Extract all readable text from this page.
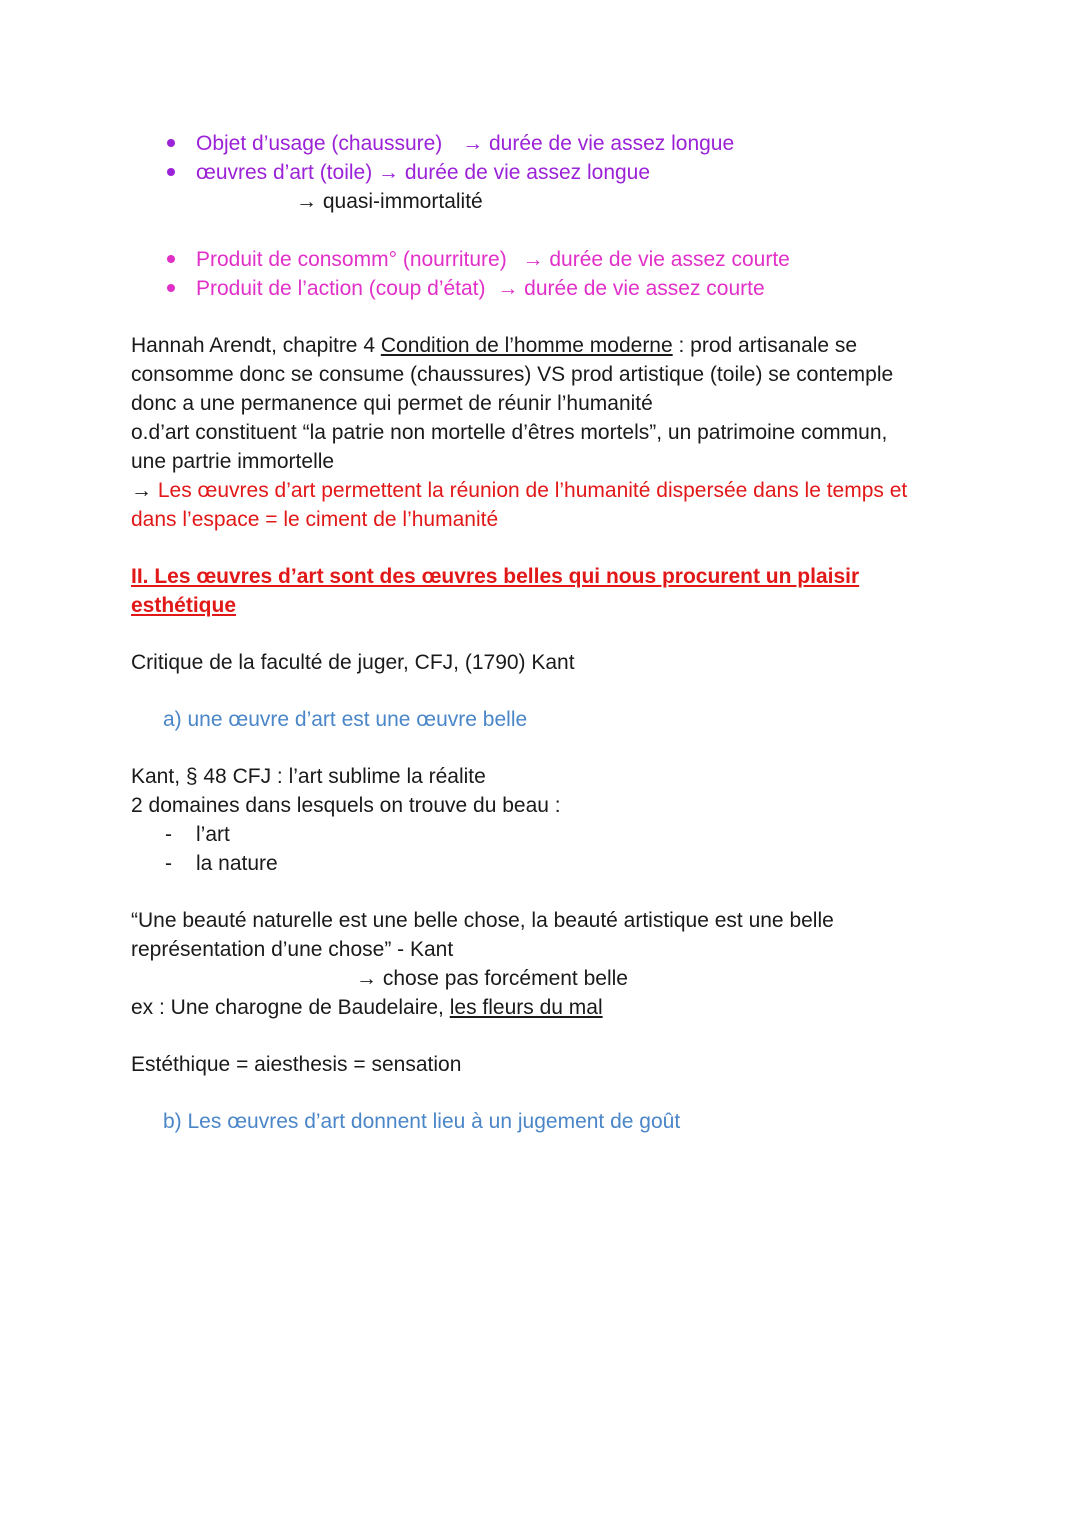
Objet d’usage (chaussure) → durée de vie assez longue
œuvres d’art (toile) → durée de vie assez longue
→ quasi-immortalité
Produit de consomm° (nourriture) → durée de vie assez courte
Produit de l’action (coup d’état) → durée de vie assez courte
Hannah Arendt, chapitre 4 Condition de l’homme moderne : prod artisanale se
consomme donc se consume (chaussures) VS prod artistique (toile) se contemple
donc a une permanence qui permet de réunir l’humanité
o.d’art constituent “la patrie non mortelle d’êtres mortels”, un patrimoine commun,
une partrie immortelle
→ Les œuvres d’art permettent la réunion de l’humanité dispersée dans le temps et
dans l’espace = le ciment de l’humanité
II. Les œuvres d’art sont des œuvres belles qui nous procurent un plaisir
esthétique
Critique de la faculté de juger, CFJ, (1790) Kant
a) une œuvre d’art est une œuvre belle
Kant, § 48 CFJ : l’art sublime la réalite
2 domaines dans lesquels on trouve du beau :
- l’art
- la nature
“Une beauté naturelle est une belle chose, la beauté artistique est une belle
représentation d’une chose” - Kant
→ chose pas forcément belle
ex : Une charogne de Baudelaire, les fleurs du mal
Estéthique = aiesthesis = sensation
b) Les œuvres d’art donnent lieu à un jugement de goût
